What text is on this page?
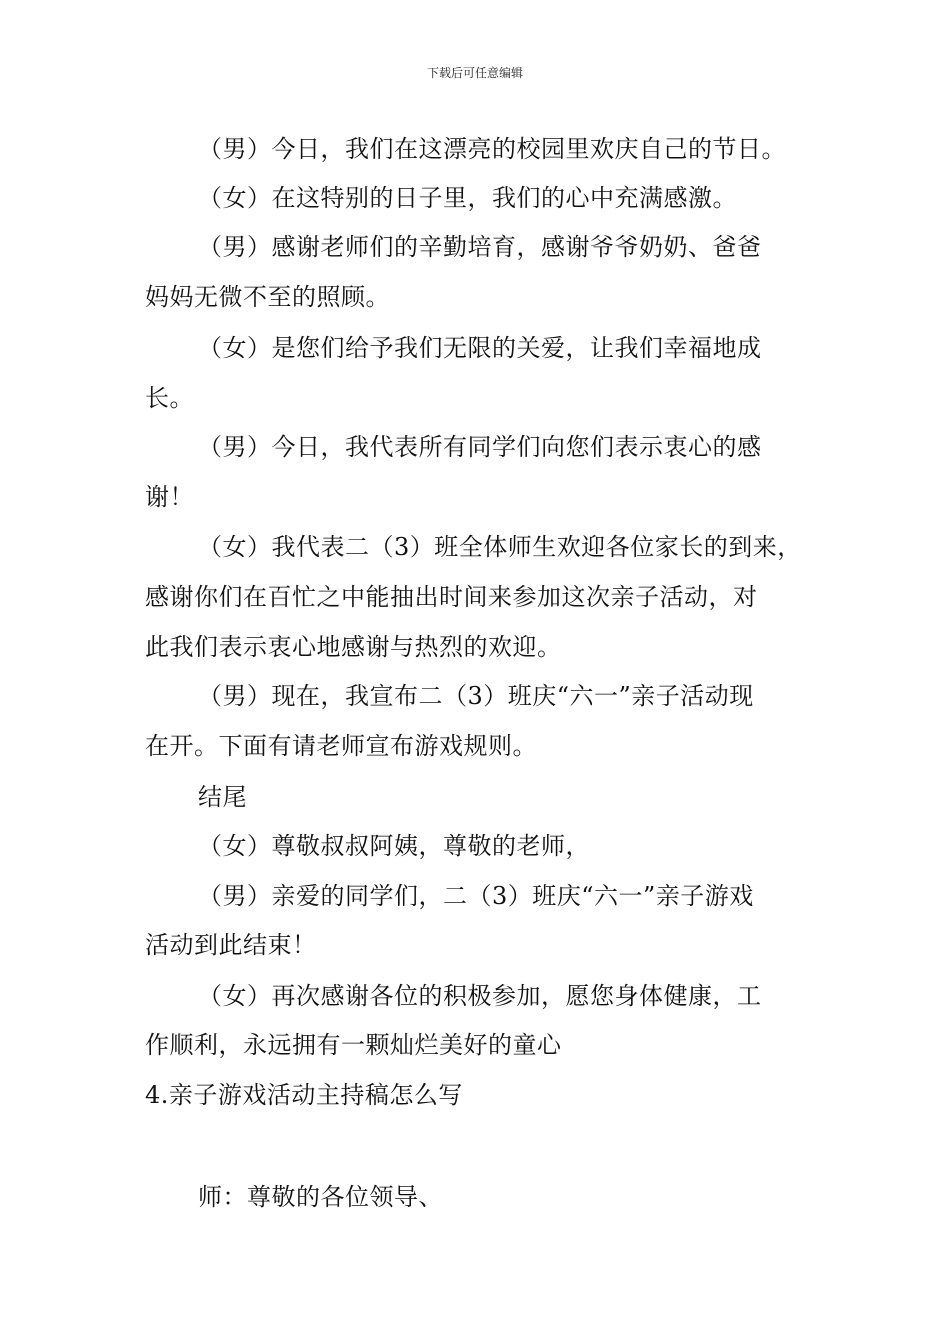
下载后可任意编辑
（男）今日，我们在这漂亮的校园里欢庆自己的节日。
（女）在这特别的日子里，我们的心中充满感激。
（男）感谢老师们的辛勤培育，感谢爷爷奶奶、爸爸
妈妈无微不至的照顾。
（女）是您们给予我们无限的关爱，让我们幸福地成
长。
（男）今日，我代表所有同学们向您们表示衷心的感
谢！
（女）我代表二（3）班全体师生欢迎各位家长的到来，
感谢你们在百忙之中能抽出时间来参加这次亲子活动，对
此我们表示衷心地感谢与热烈的欢迎。
（男）现在，我宣布二（3）班庆“六一”亲子活动现
在开。下面有请老师宣布游戏规则。
结尾
（女）尊敬叔叔阿姨，尊敬的老师，
（男）亲爱的同学们，二（3）班庆“六一”亲子游戏
活动到此结束！
（女）再次感谢各位的积极参加，愿您身体健康，工
作顺利，永远拥有一颗灿烂美好的童心
4.亲子游戏活动主持稿怎么写
师：尊敬的各位领导、
